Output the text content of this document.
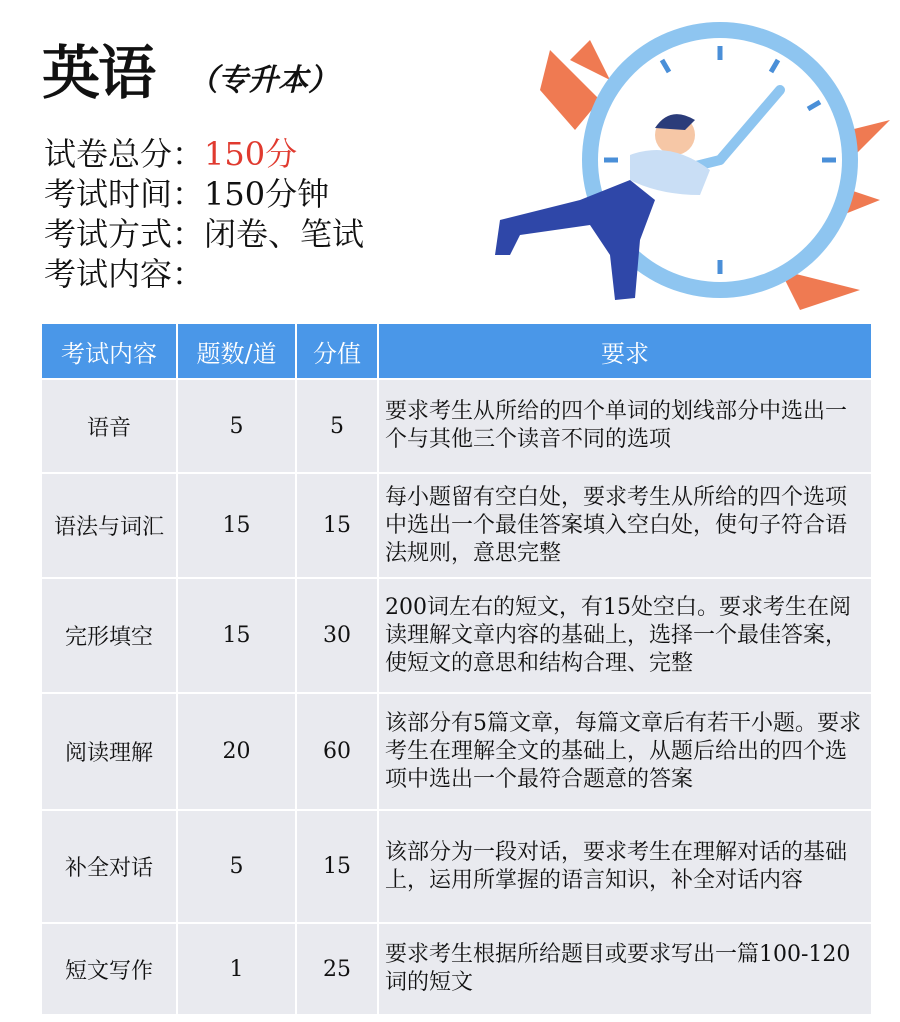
英语 （专升本）
试卷总分：150分
考试时间：150分钟
考试方式：闭卷、笔试
考试内容：
考试内容	题数/道	分值	要求
语音	5	5	要求考生从所给的四个单词的划线部分中选出一个与其他三个读音不同的选项
语法与词汇	15	15	每小题留有空白处，要求考生从所给的四个选项中选出一个最佳答案填入空白处，使句子符合语法规则，意思完整
完形填空	15	30	200词左右的短文，有15处空白。要求考生在阅读理解文章内容的基础上，选择一个最佳答案，使短文的意思和结构合理、完整
阅读理解	20	60	该部分有5篇文章，每篇文章后有若干小题。要求考生在理解全文的基础上，从题后给出的四个选项中选出一个最符合题意的答案
补全对话	5	15	该部分为一段对话，要求考生在理解对话的基础上，运用所掌握的语言知识，补全对话内容
短文写作	1	25	要求考生根据所给题目或要求写出一篇100-120词的短文
